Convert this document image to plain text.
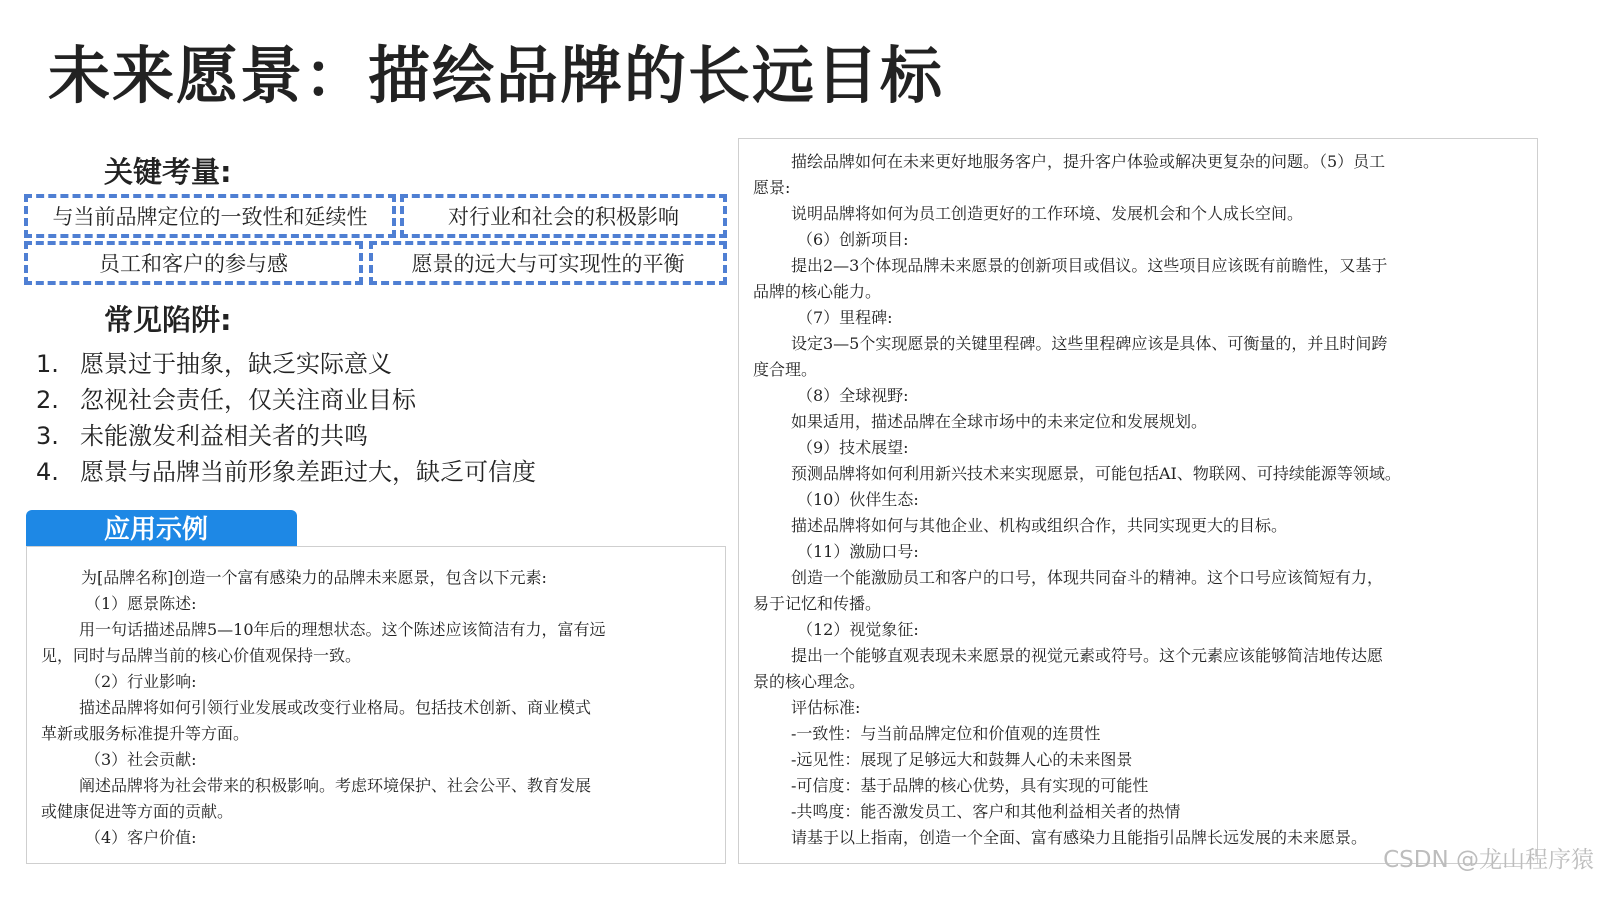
未来愿景：描绘品牌的长远目标
关键考量:
与当前品牌定位的一致性和延续性	对行业和社会的积极影响
员工和客户的参与感	愿景的远大与可实现性的平衡
常见陷阱:
1. 愿景过于抽象，缺乏实际意义
2. 忽视社会责任，仅关注商业目标
3. 未能激发利益相关者的共鸣
4. 愿景与品牌当前形象差距过大，缺乏可信度
应用示例
为[品牌名称]创造一个富有感染力的品牌未来愿景，包含以下元素:
（1）愿景陈述:
用一句话描述品牌5—10年后的理想状态。这个陈述应该简洁有力，富有远
见，同时与品牌当前的核心价值观保持一致。
（2）行业影响:
描述品牌将如何引领行业发展或改变行业格局。包括技术创新、商业模式
革新或服务标准提升等方面。
（3）社会贡献:
阐述品牌将为社会带来的积极影响。考虑环境保护、社会公平、教育发展
或健康促进等方面的贡献。
（4）客户价值:
描绘品牌如何在未来更好地服务客户，提升客户体验或解决更复杂的问题。（5）员工
愿景:
说明品牌将如何为员工创造更好的工作环境、发展机会和个人成长空间。
（6）创新项目:
提出2—3个体现品牌未来愿景的创新项目或倡议。这些项目应该既有前瞻性，又基于
品牌的核心能力。
（7）里程碑:
设定3—5个实现愿景的关键里程碑。这些里程碑应该是具体、可衡量的，并且时间跨
度合理。
（8）全球视野:
如果适用，描述品牌在全球市场中的未来定位和发展规划。
（9）技术展望:
预测品牌将如何利用新兴技术来实现愿景，可能包括AI、物联网、可持续能源等领域。
（10）伙伴生态:
描述品牌将如何与其他企业、机构或组织合作，共同实现更大的目标。
（11）激励口号:
创造一个能激励员工和客户的口号，体现共同奋斗的精神。这个口号应该简短有力，
易于记忆和传播。
（12）视觉象征:
提出一个能够直观表现未来愿景的视觉元素或符号。这个元素应该能够简洁地传达愿
景的核心理念。
评估标准:
-一致性：与当前品牌定位和价值观的连贯性
-远见性：展现了足够远大和鼓舞人心的未来图景
-可信度：基于品牌的核心优势，具有实现的可能性
-共鸣度：能否激发员工、客户和其他利益相关者的热情
请基于以上指南，创造一个全面、富有感染力且能指引品牌长远发展的未来愿景。
CSDN @龙山程序猿
